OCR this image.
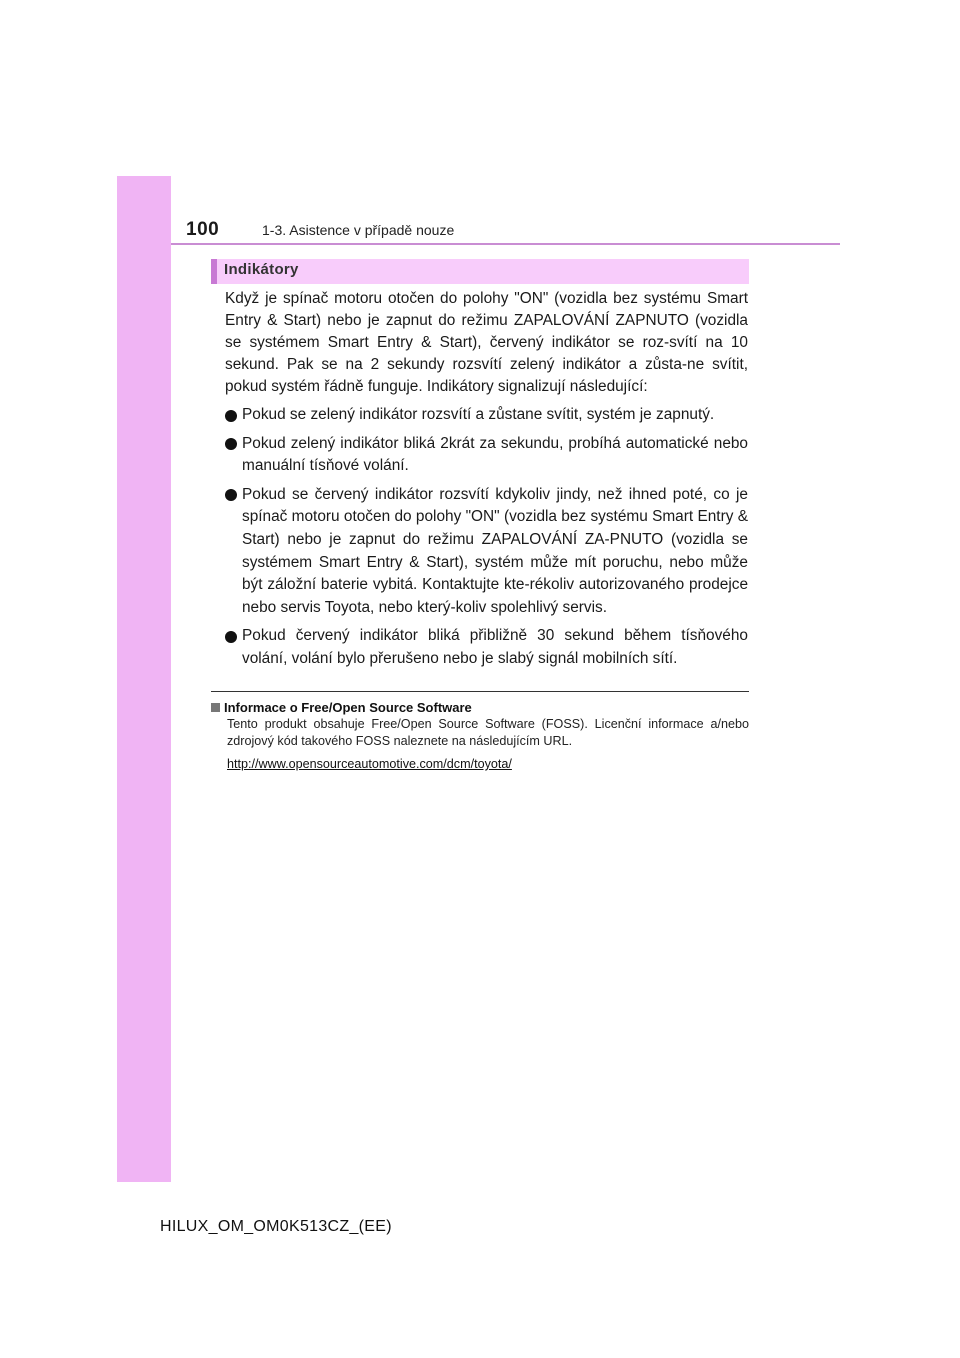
100	1-3. Asistence v případě nouze
Indikátory

Když je spínač motoru otočen do polohy "ON" (vozidla bez systému Smart Entry & Start) nebo je zapnut do režimu ZAPALOVÁNÍ ZAPNUTO (vozidla se systémem Smart Entry & Start), červený indikátor se roz-svítí na 10 sekund. Pak se na 2 sekundy rozsvítí zelený indikátor a zůsta-ne svítit, pokud systém řádně funguje. Indikátory signalizují následující:

Pokud se zelený indikátor rozsvítí a zůstane svítit, systém je zapnutý.
Pokud zelený indikátor bliká 2krát za sekundu, probíhá automatické nebo manuální tísňové volání.
Pokud se červený indikátor rozsvítí kdykoliv jindy, než ihned poté, co je spínač motoru otočen do polohy "ON" (vozidla bez systému Smart Entry & Start) nebo je zapnut do režimu ZAPALOVÁNÍ ZA-PNUTO (vozidla se systémem Smart Entry & Start), systém může mít poruchu, nebo může být záložní baterie vybitá. Kontaktujte kte-rékoliv autorizovaného prodejce nebo servis Toyota, nebo který-koliv spolehlivý servis.
Pokud červený indikátor bliká přibližně 30 sekund během tísňového volání, volání bylo přerušeno nebo je slabý signál mobilních sítí.
Informace o Free/Open Source Software
Tento produkt obsahuje Free/Open Source Software (FOSS). Licenční informace a/nebo zdrojový kód takového FOSS naleznete na následujícím URL.
http://www.opensourceautomotive.com/dcm/toyota/
HILUX_OM_OM0K513CZ_(EE)
